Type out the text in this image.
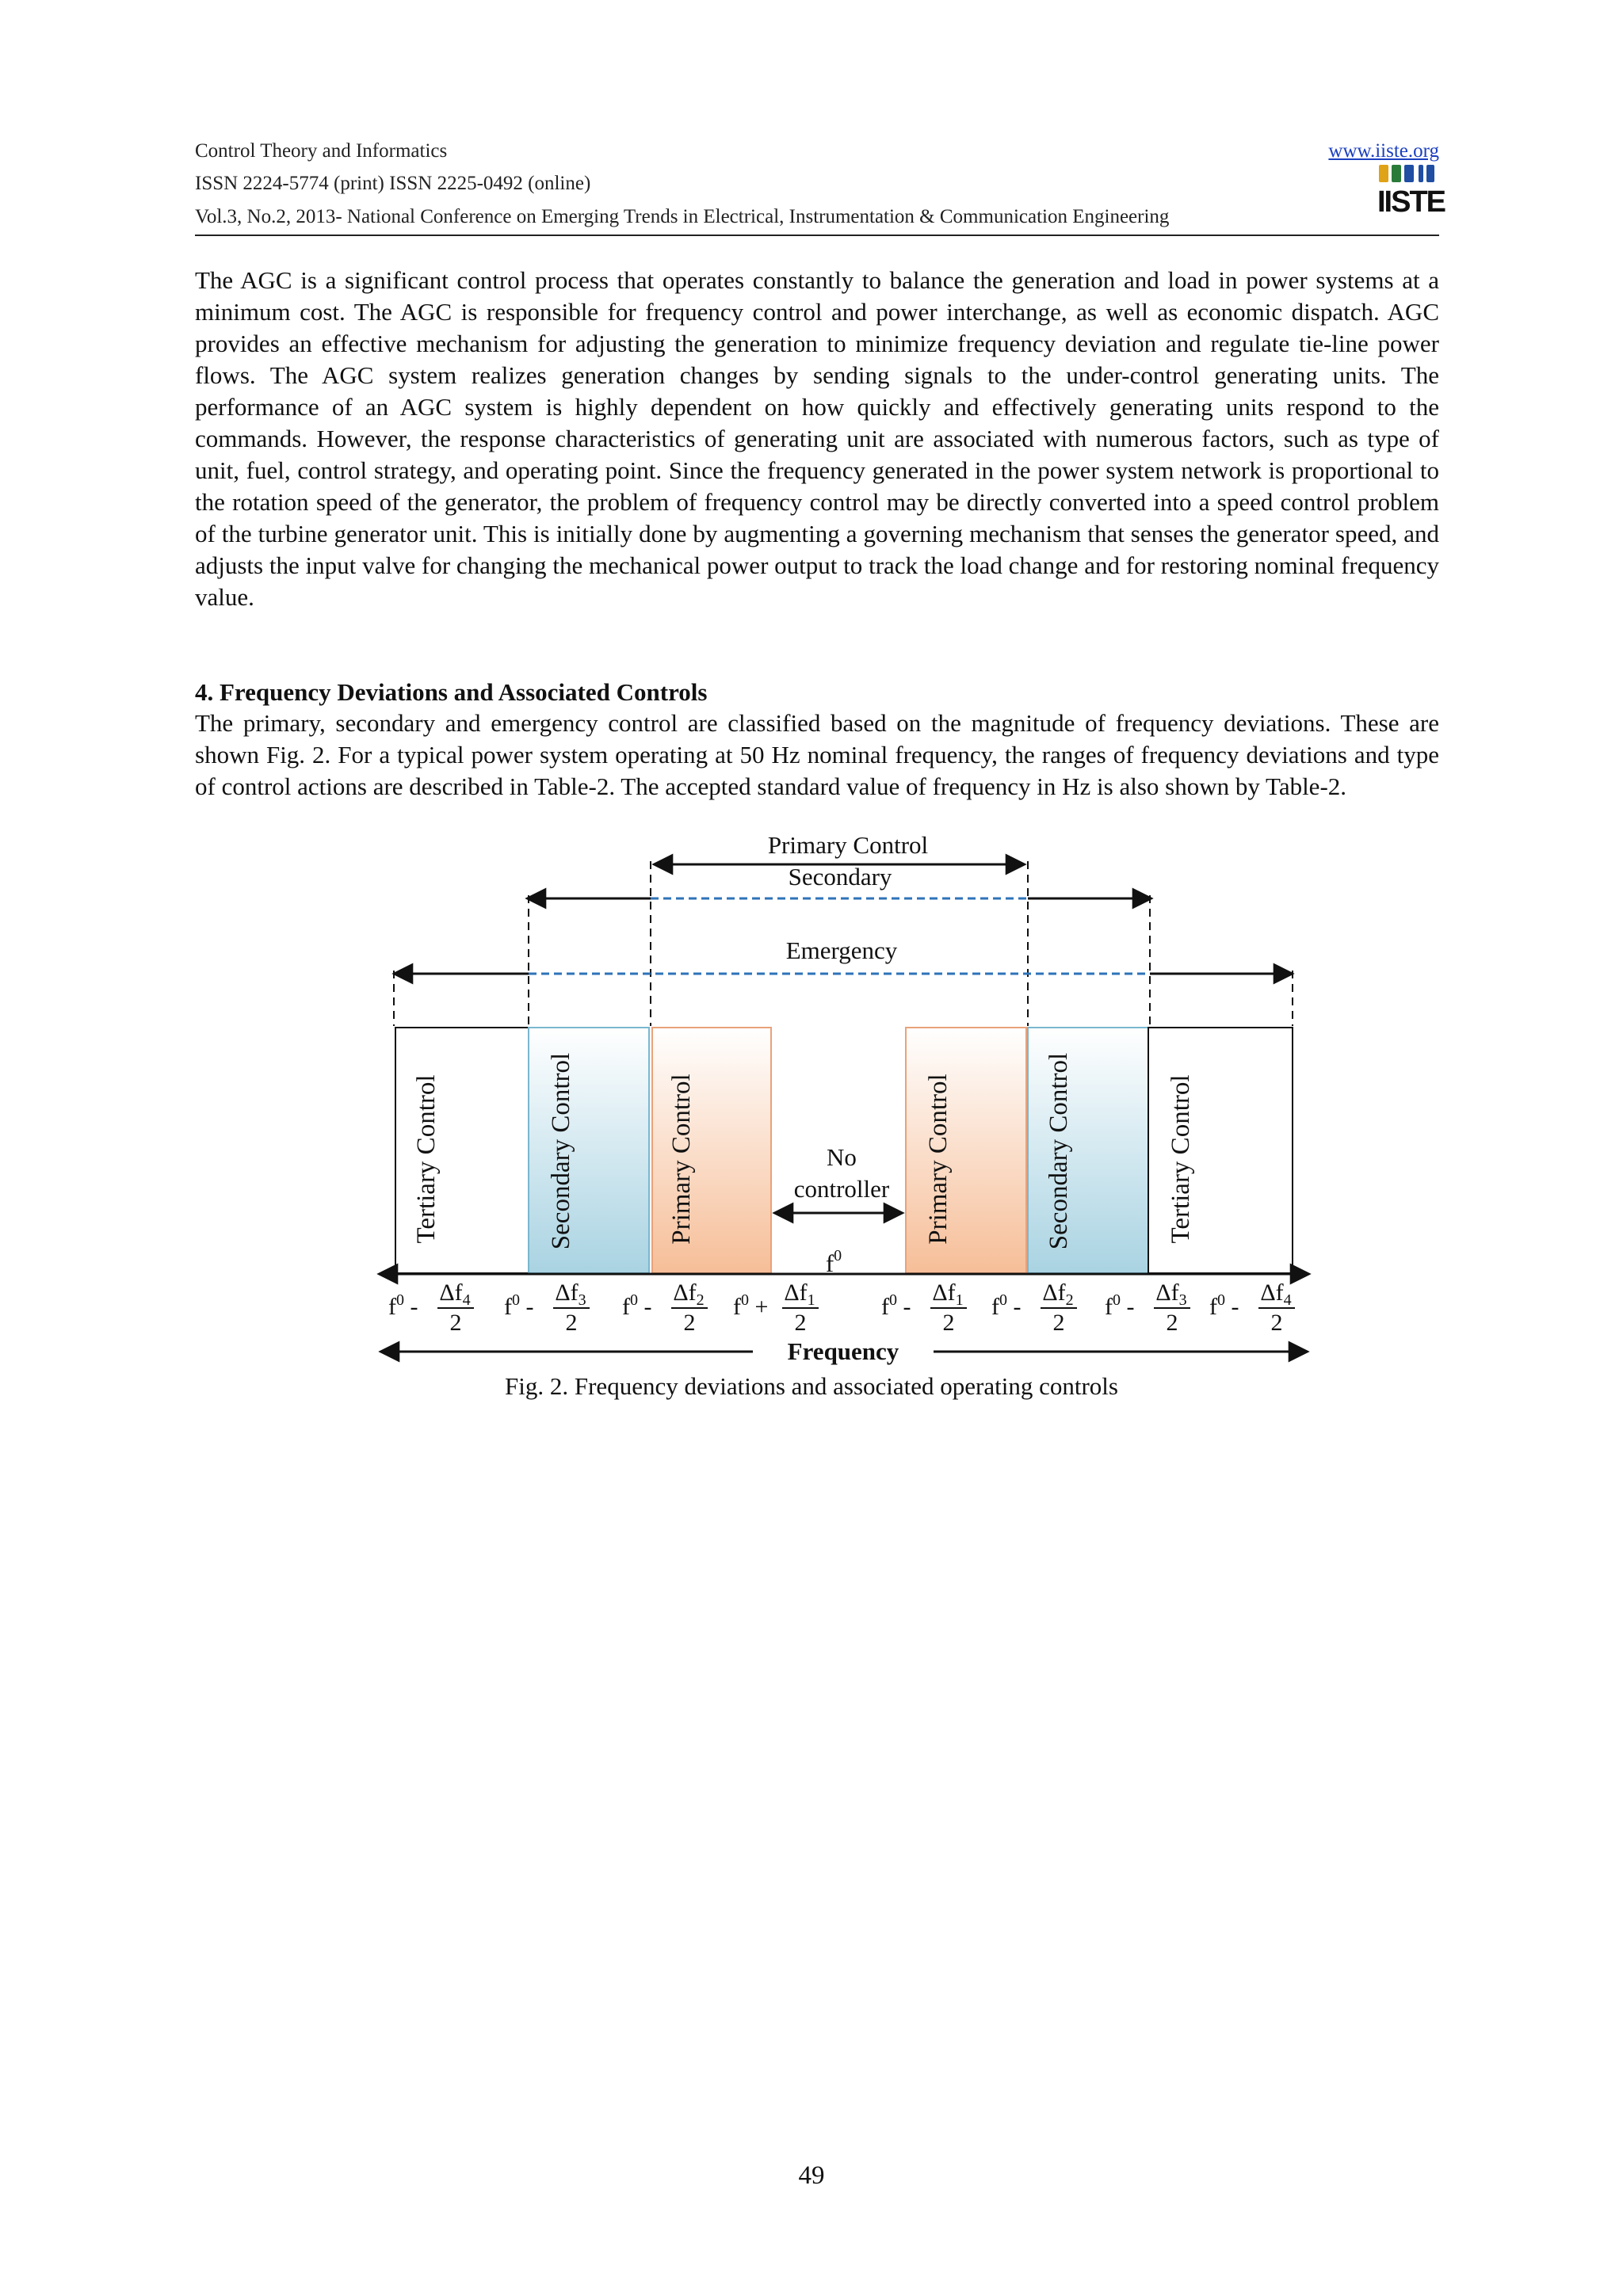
Control Theory and Informatics
ISSN 2224-5774 (print) ISSN 2225-0492 (online)
Vol.3, No.2, 2013- National Conference on Emerging Trends in Electrical, Instrumentation & Communication Engineering
www.iiste.org
IISTE
The AGC is a significant control process that operates constantly to balance the generation and load in power systems at a minimum cost. The AGC is responsible for frequency control and power interchange, as well as economic dispatch. AGC provides an effective mechanism for adjusting the generation to minimize frequency deviation and regulate tie-line power flows. The AGC system realizes generation changes by sending signals to the under-control generating units. The performance of an AGC system is highly dependent on how quickly and effectively generating units respond to the commands. However, the response characteristics of generating unit are associated with numerous factors, such as type of unit, fuel, control strategy, and operating point. Since the frequency generated in the power system network is proportional to the rotation speed of the generator, the problem of frequency control may be directly converted into a speed control problem of the turbine generator unit. This is initially done by augmenting a governing mechanism that senses the generator speed, and adjusts the input valve for changing the mechanical power output to track the load change and for restoring nominal frequency value.
4. Frequency Deviations and Associated Controls
The primary, secondary and emergency control are classified based on the magnitude of frequency deviations. These are shown Fig. 2. For a typical power system operating at 50 Hz nominal frequency, the ranges of frequency deviations and type of control actions are described in Table-2. The accepted standard value of frequency in Hz is also shown by Table-2.
Primary Control
Secondary
Emergency
Tertiary Control	Secondary Control	Primary Control	Primary Control	Secondary Control	Tertiary Control
No
controller
$f^0$
$f^0$ -
$\Delta f_4$
2
$f^0$ -
$\Delta f_3$
2
$f^0$ -
$\Delta f_2$
2
$f^0$ +
$\Delta f_1$
2
$f^0$ -
$\Delta f_1$
2
$f^0$ -
$\Delta f_2$
2
$f^0$ -
$\Delta f_3$
2
$f^0$ -
$\Delta f_4$
2
Frequency
Fig. 2. Frequency deviations and associated operating controls
49
